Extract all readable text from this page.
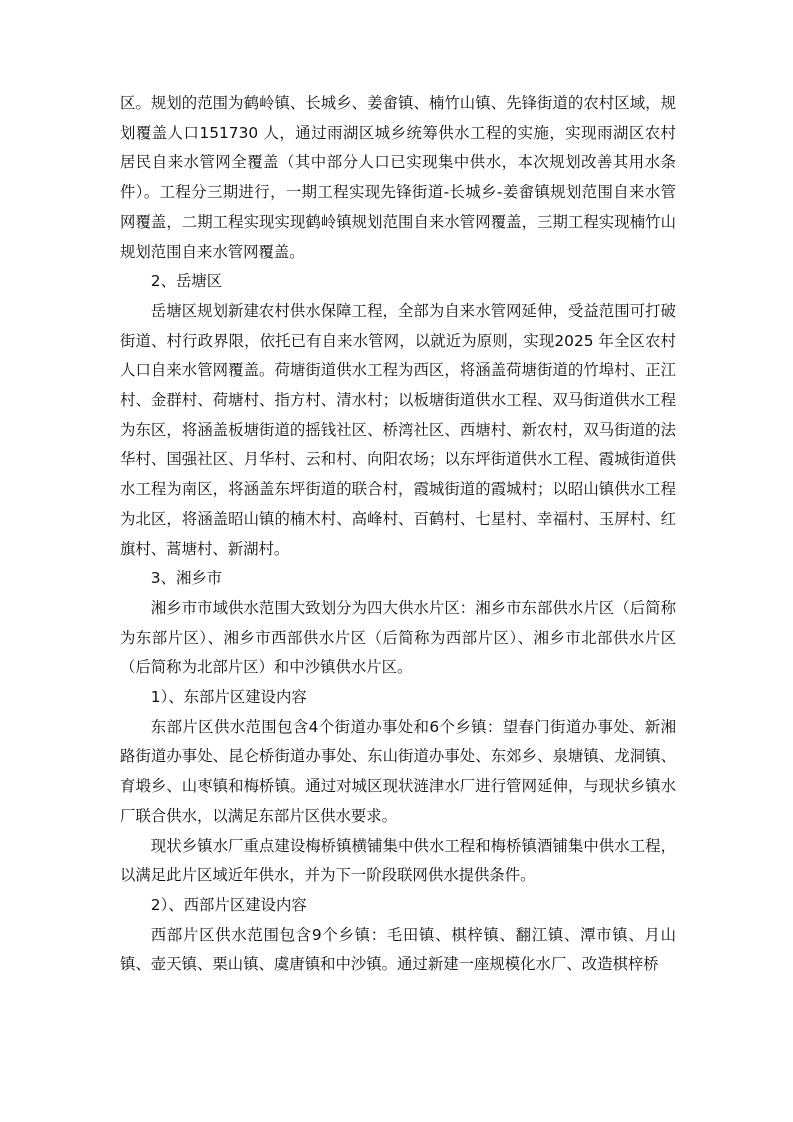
区。规划的范围为鹤岭镇、长城乡、姜畲镇、楠竹山镇、先锋街道的农村区域，规划覆盖人口151730 人，通过雨湖区城乡统筹供水工程的实施，实现雨湖区农村居民自来水管网全覆盖（其中部分人口已实现集中供水，本次规划改善其用水条件）。工程分三期进行，一期工程实现先锋街道-长城乡-姜畲镇规划范围自来水管网覆盖，二期工程实现实现鹤岭镇规划范围自来水管网覆盖，三期工程实现楠竹山规划范围自来水管网覆盖。

2、岳塘区

岳塘区规划新建农村供水保障工程，全部为自来水管网延伸，受益范围可打破街道、村行政界限，依托已有自来水管网，以就近为原则，实现2025 年全区农村人口自来水管网覆盖。荷塘街道供水工程为西区，将涵盖荷塘街道的竹埠村、正江村、金群村、荷塘村、指方村、清水村；以板塘街道供水工程、双马街道供水工程为东区，将涵盖板塘街道的摇钱社区、桥湾社区、西塘村、新农村，双马街道的法华村、国强社区、月华村、云和村、向阳农场；以东坪街道供水工程、霞城街道供水工程为南区，将涵盖东坪街道的联合村，霞城街道的霞城村；以昭山镇供水工程为北区，将涵盖昭山镇的楠木村、高峰村、百鹤村、七星村、幸福村、玉屏村、红旗村、蒿塘村、新湖村。

3、湘乡市

湘乡市市域供水范围大致划分为四大供水片区：湘乡市东部供水片区（后简称为东部片区）、湘乡市西部供水片区（后简称为西部片区）、湘乡市北部供水片区（后简称为北部片区）和中沙镇供水片区。

1）、东部片区建设内容

东部片区供水范围包含4个街道办事处和6个乡镇：望春门街道办事处、新湘路街道办事处、昆仑桥街道办事处、东山街道办事处、东郊乡、泉塘镇、龙洞镇、育塅乡、山枣镇和梅桥镇。通过对城区现状涟津水厂进行管网延伸，与现状乡镇水厂联合供水，以满足东部片区供水要求。

现状乡镇水厂重点建设梅桥镇横铺集中供水工程和梅桥镇酒铺集中供水工程，以满足此片区域近年供水，并为下一阶段联网供水提供条件。

2）、西部片区建设内容

西部片区供水范围包含9个乡镇：毛田镇、棋梓镇、翻江镇、潭市镇、月山镇、壶天镇、栗山镇、虞唐镇和中沙镇。通过新建一座规模化水厂、改造棋梓桥
